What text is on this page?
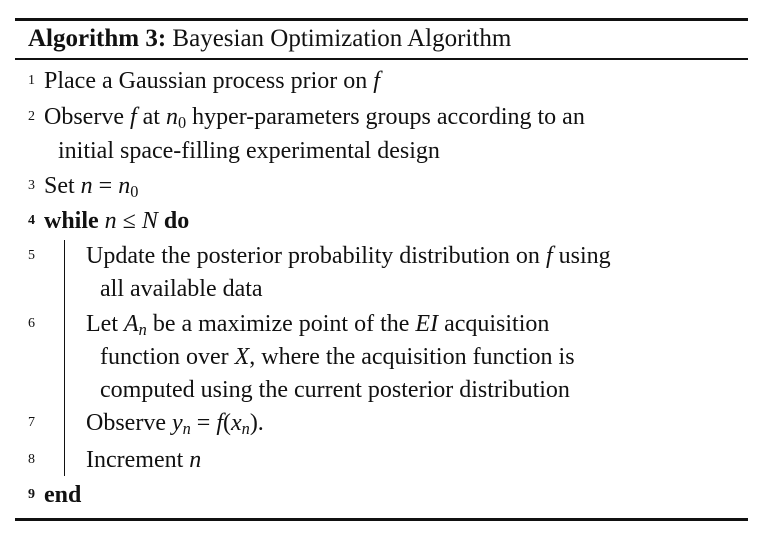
Algorithm 3: Bayesian Optimization Algorithm
1
2
3
4
5
6
7
8
9
Place a Gaussian process prior on f
Observe f at $n_0$ hyper-parameters groups according to an
initial space-filling experimental design
Set $n = n_0$
while n ≤ N do
Update the posterior probability distribution on f using
all available data
Let $A_n$ be a maximize point of the EI acquisition
function over X, where the acquisition function is
computed using the current posterior distribution
Observe $y_n = f(x_n)$.
Increment n
end
